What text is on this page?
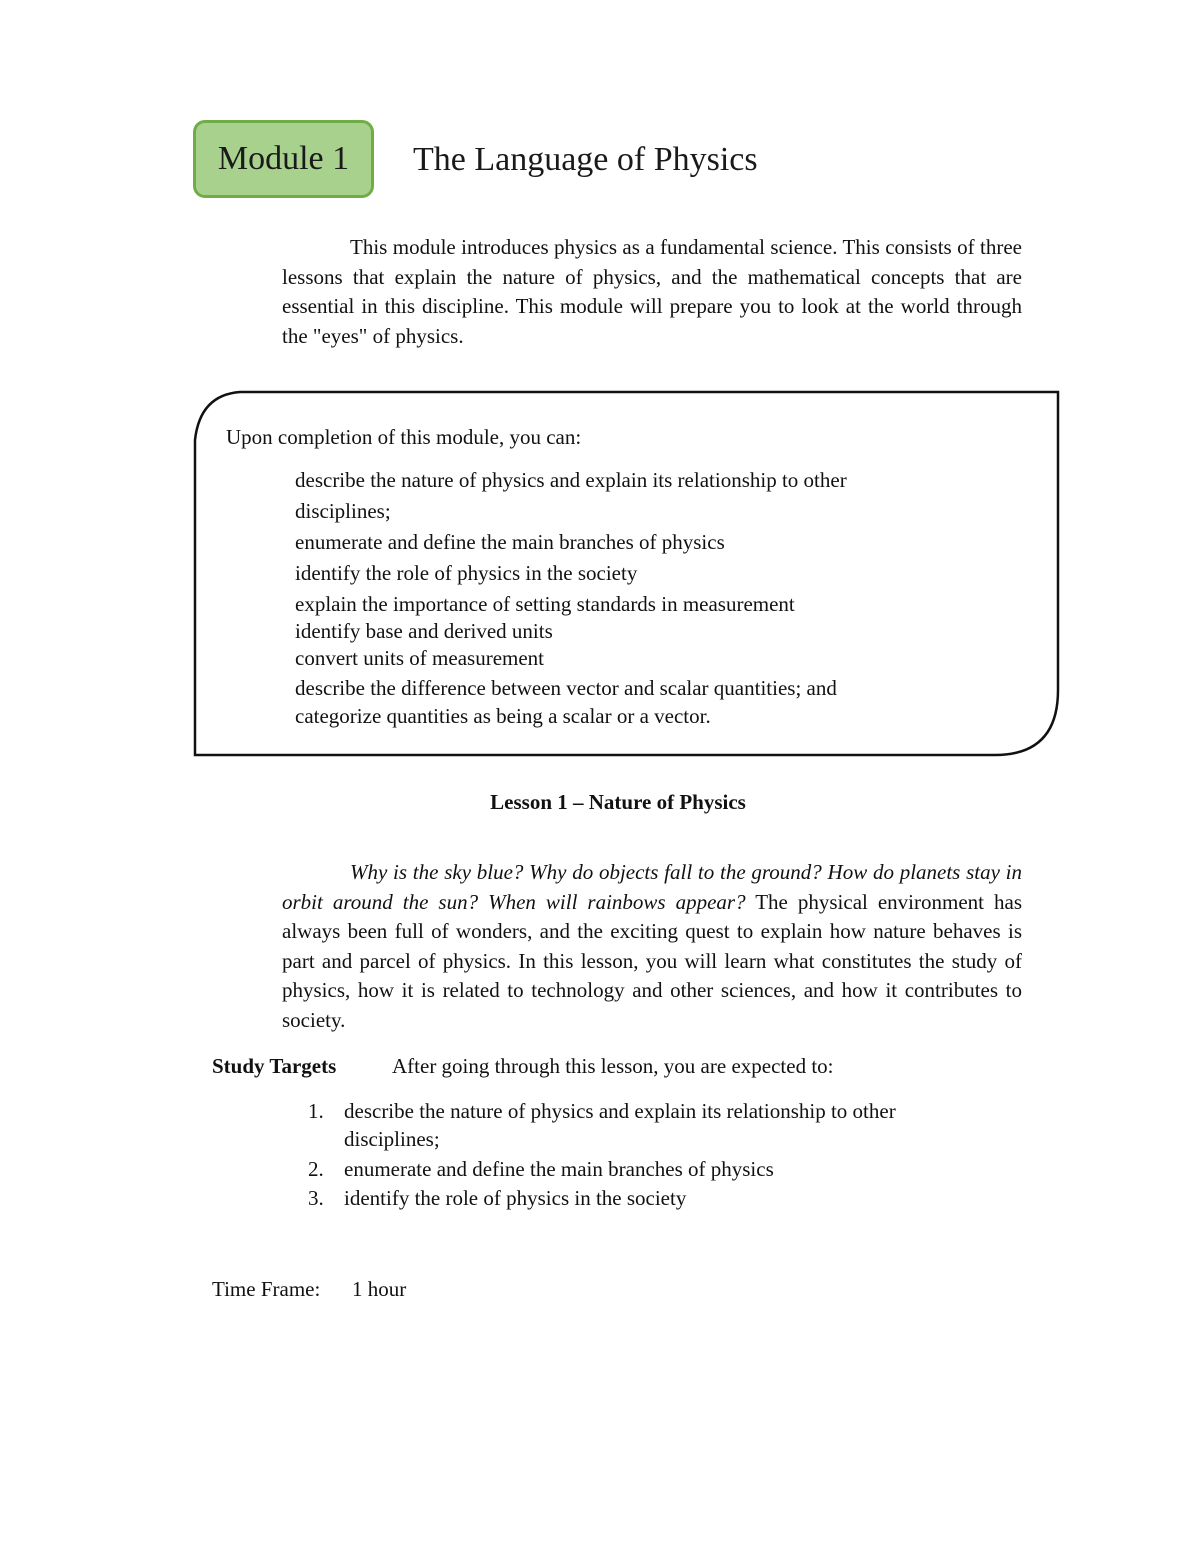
Module 1 The Language of Physics

This module introduces physics as a fundamental science. This consists of three lessons that explain the nature of physics, and the mathematical concepts that are essential in this discipline. This module will prepare you to look at the world through the "eyes" of physics.

Upon completion of this module, you can:
describe the nature of physics and explain its relationship to other
disciplines;
enumerate and define the main branches of physics
identify the role of physics in the society
explain the importance of setting standards in measurement
identify base and derived units
convert units of measurement
describe the difference between vector and scalar quantities; and
categorize quantities as being a scalar or a vector.
Lesson 1 – Nature of Physics

Why is the sky blue? Why do objects fall to the ground? How do planets stay in orbit around the sun? When will rainbows appear? The physical environment has always been full of wonders, and the exciting quest to explain how nature behaves is part and parcel of physics. In this lesson, you will learn what constitutes the study of physics, how it is related to technology and other sciences, and how it contributes to society.

Study Targets	After going through this lesson, you are expected to:
1. describe the nature of physics and explain its relationship to other disciplines;
2. enumerate and define the main branches of physics
3. identify the role of physics in the society
Time Frame: 1 hour
